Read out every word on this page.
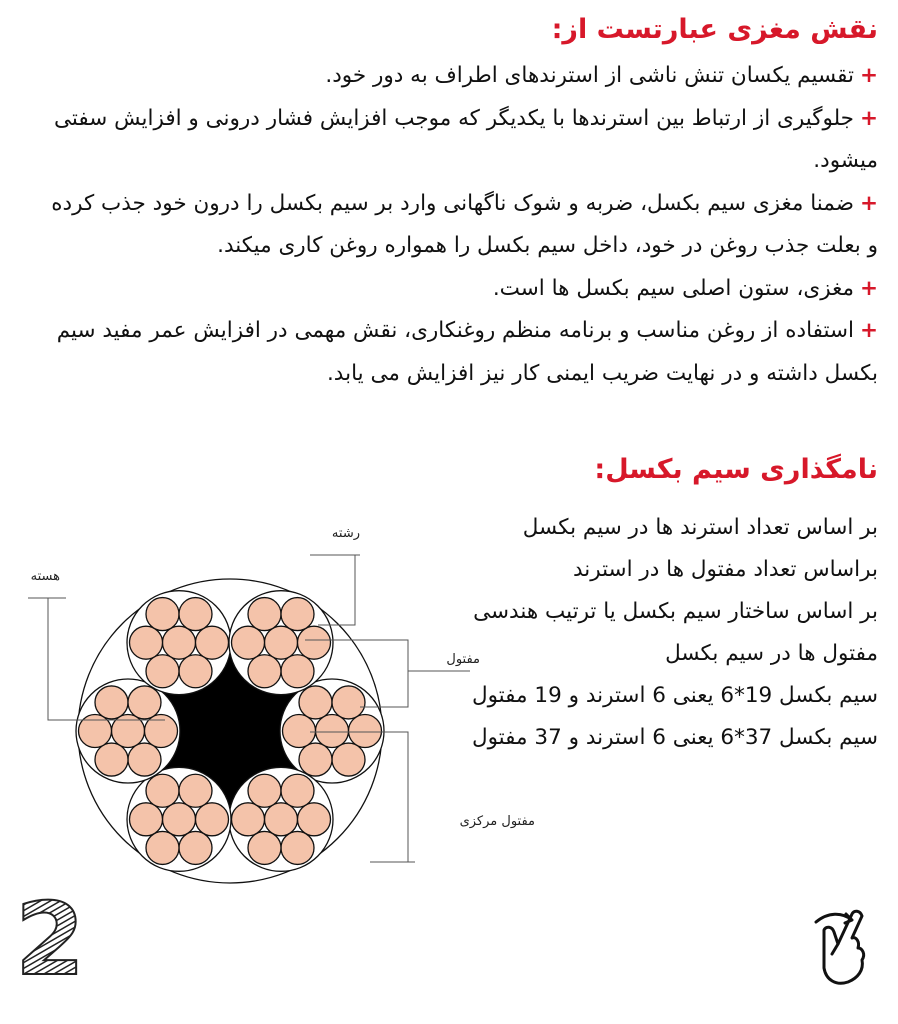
نقش مغزی عبارتست از:

+تقسیم یکسان تنش ناشی از استرندهای اطراف به دور خود.

+جلوگیری از ارتباط بین استرندها با یکدیگر که موجب افزایش فشار درونی و افزایش سفتی میشود.

+ضمنا مغزی سیم بکسل، ضربه و شوک ناگهانی وارد بر سیم بکسل را درون خود جذب کرده و بعلت جذب روغن در خود، داخل سیم بکسل را همواره روغن کاری میکند.

+مغزی، ستون اصلی سیم بکسل ها است.

+استفاده از روغن مناسب و برنامه منظم روغنکاری، نقش مهمی در افزایش عمر مفید سیم بکسل داشته و در نهایت ضریب ایمنی کار نیز افزایش می یابد.

نامگذاری سیم بکسل:

بر اساس تعداد استرند ها در سیم بکسل

براساس تعداد مفتول ها در استرند

بر اساس ساختار سیم بکسل یا ترتیب هندسی مفتول ها در سیم بکسل

سیم بکسل 19*6 یعنی 6 استرند و 19 مفتول

سیم بکسل 37*6 یعنی 6 استرند و 37 مفتول

رشته
هسته
مفتول
مفتول مرکزی
2
